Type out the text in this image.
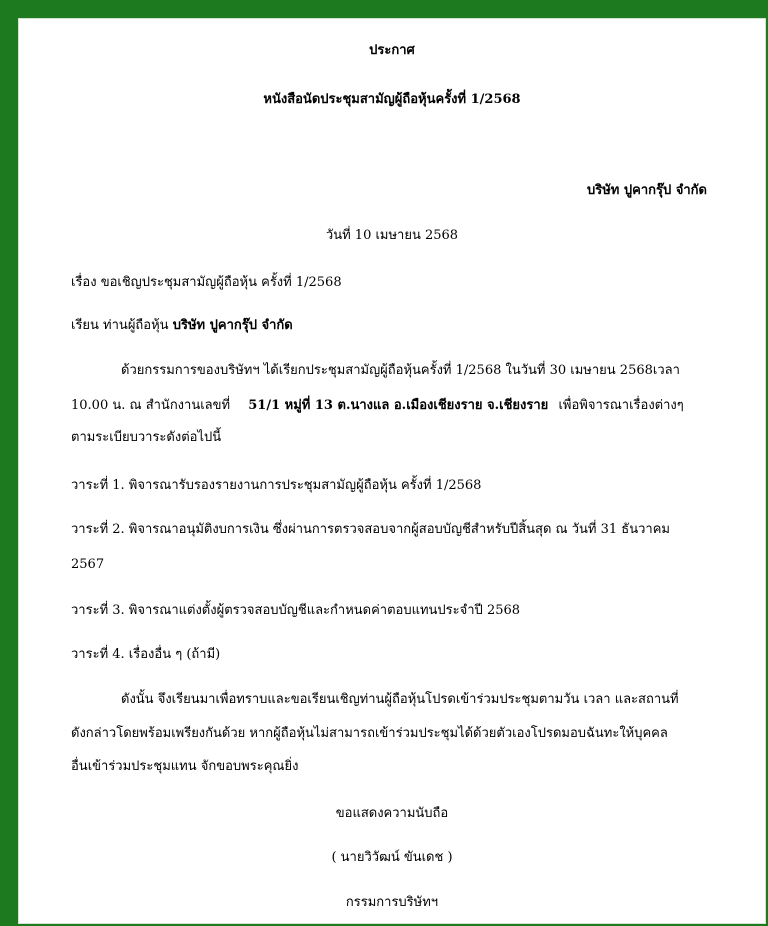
ประกาศ
หนังสือนัดประชุมสามัญผู้ถือหุ้นครั้งที่ 1/2568
บริษัท ปูคากรุ๊ป จำกัด
วันที่ 10 เมษายน 2568
เรื่อง ขอเชิญประชุมสามัญผู้ถือหุ้น ครั้งที่ 1/2568
เรียน ท่านผู้ถือหุ้น บริษัท ปูคากรุ๊ป จำกัด
ด้วยกรรมการของบริษัทฯ ได้เรียกประชุมสามัญผู้ถือหุ้นครั้งที่ 1/2568 ในวันที่ 30 เมษายน 2568เวลา
10.00 น. ณ สำนักงานเลขที่ 51/1 หมู่ที่ 13 ต.นางแล อ.เมืองเชียงราย จ.เชียงราย เพื่อพิจารณาเรื่องต่างๆ
ตามระเบียบวาระดังต่อไปนี้
วาระที่ 1. พิจารณารับรองรายงานการประชุมสามัญผู้ถือหุ้น ครั้งที่ 1/2568
วาระที่ 2. พิจารณาอนุมัติงบการเงิน ซึ่งผ่านการตรวจสอบจากผู้สอบบัญชีสำหรับปีสิ้นสุด ณ วันที่ 31 ธันวาคม
2567
วาระที่ 3. พิจารณาแต่งตั้งผู้ตรวจสอบบัญชีและกำหนดค่าตอบแทนประจำปี 2568
วาระที่ 4. เรื่องอื่น ๆ (ถ้ามี)
ดังนั้น จึงเรียนมาเพื่อทราบและขอเรียนเชิญท่านผู้ถือหุ้นโปรดเข้าร่วมประชุมตามวัน เวลา และสถานที่
ดังกล่าวโดยพร้อมเพรียงกันด้วย หากผู้ถือหุ้นไม่สามารถเข้าร่วมประชุมได้ด้วยตัวเองโปรดมอบฉันทะให้บุคคล
อื่นเข้าร่วมประชุมแทน จักขอบพระคุณยิ่ง
ขอแสดงความนับถือ
( นายวิวัฒน์ ขันเดช )
กรรมการบริษัทฯ
